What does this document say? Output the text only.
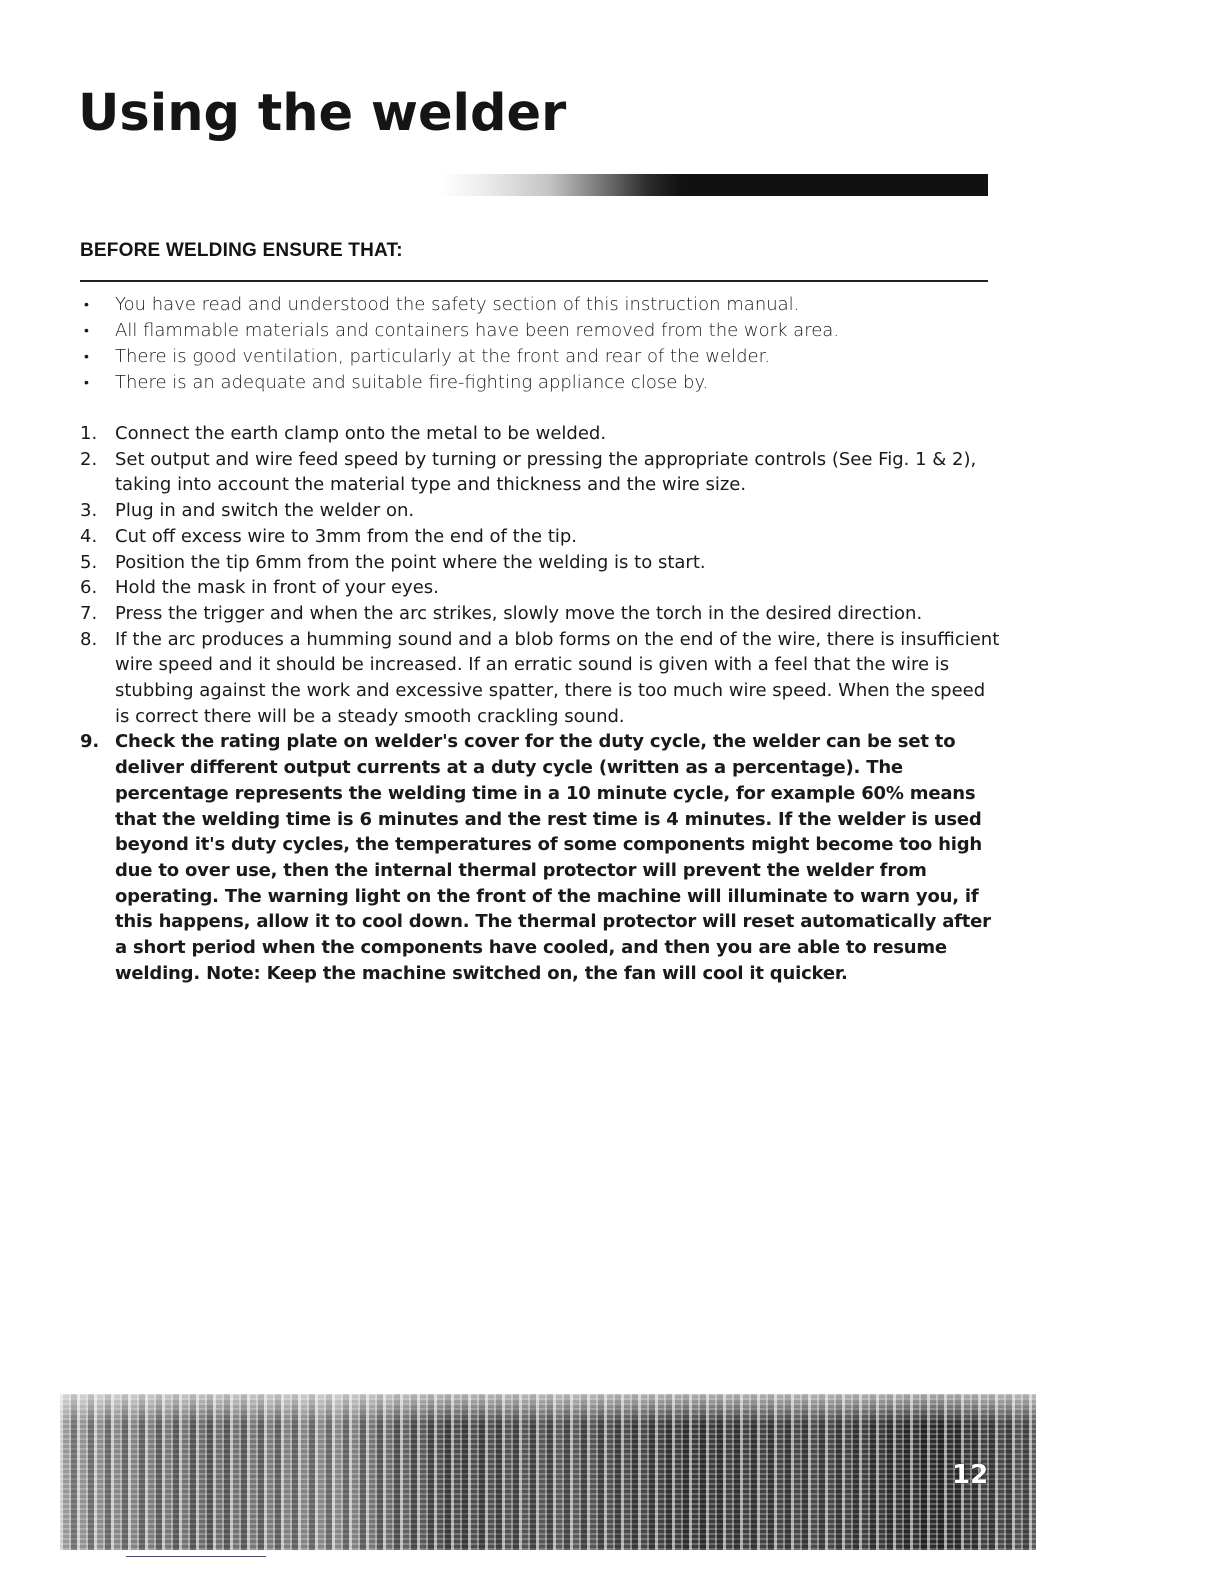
Using the welder
BEFORE WELDING ENSURE THAT:
• You have read and understood the safety section of this instruction manual.
• All flammable materials and containers have been removed from the work area.
• There is good ventilation, particularly at the front and rear of the welder.
• There is an adequate and suitable fire-fighting appliance close by.
1. Connect the earth clamp onto the metal to be welded.
2. Set output and wire feed speed by turning or pressing the appropriate controls (See Fig. 1 & 2), taking into account the material type and thickness and the wire size.
3. Plug in and switch the welder on.
4. Cut off excess wire to 3mm from the end of the tip.
5. Position the tip 6mm from the point where the welding is to start.
6. Hold the mask in front of your eyes.
7. Press the trigger and when the arc strikes, slowly move the torch in the desired direction.
8. If the arc produces a humming sound and a blob forms on the end of the wire, there is insufficient wire speed and it should be increased. If an erratic sound is given with a feel that the wire is stubbing against the work and excessive spatter, there is too much wire speed. When the speed is correct there will be a steady smooth crackling sound.
9. Check the rating plate on welder's cover for the duty cycle, the welder can be set to deliver different output currents at a duty cycle (written as a percentage). The percentage represents the welding time in a 10 minute cycle, for example 60% means that the welding time is 6 minutes and the rest time is 4 minutes. If the welder is used beyond it's duty cycles, the temperatures of some components might become too high due to over use, then the internal thermal protector will prevent the welder from operating. The warning light on the front of the machine will illuminate to warn you, if this happens, allow it to cool down. The thermal protector will reset automatically after a short period when the components have cooled, and then you are able to resume welding. Note: Keep the machine switched on, the fan will cool it quicker.
12
